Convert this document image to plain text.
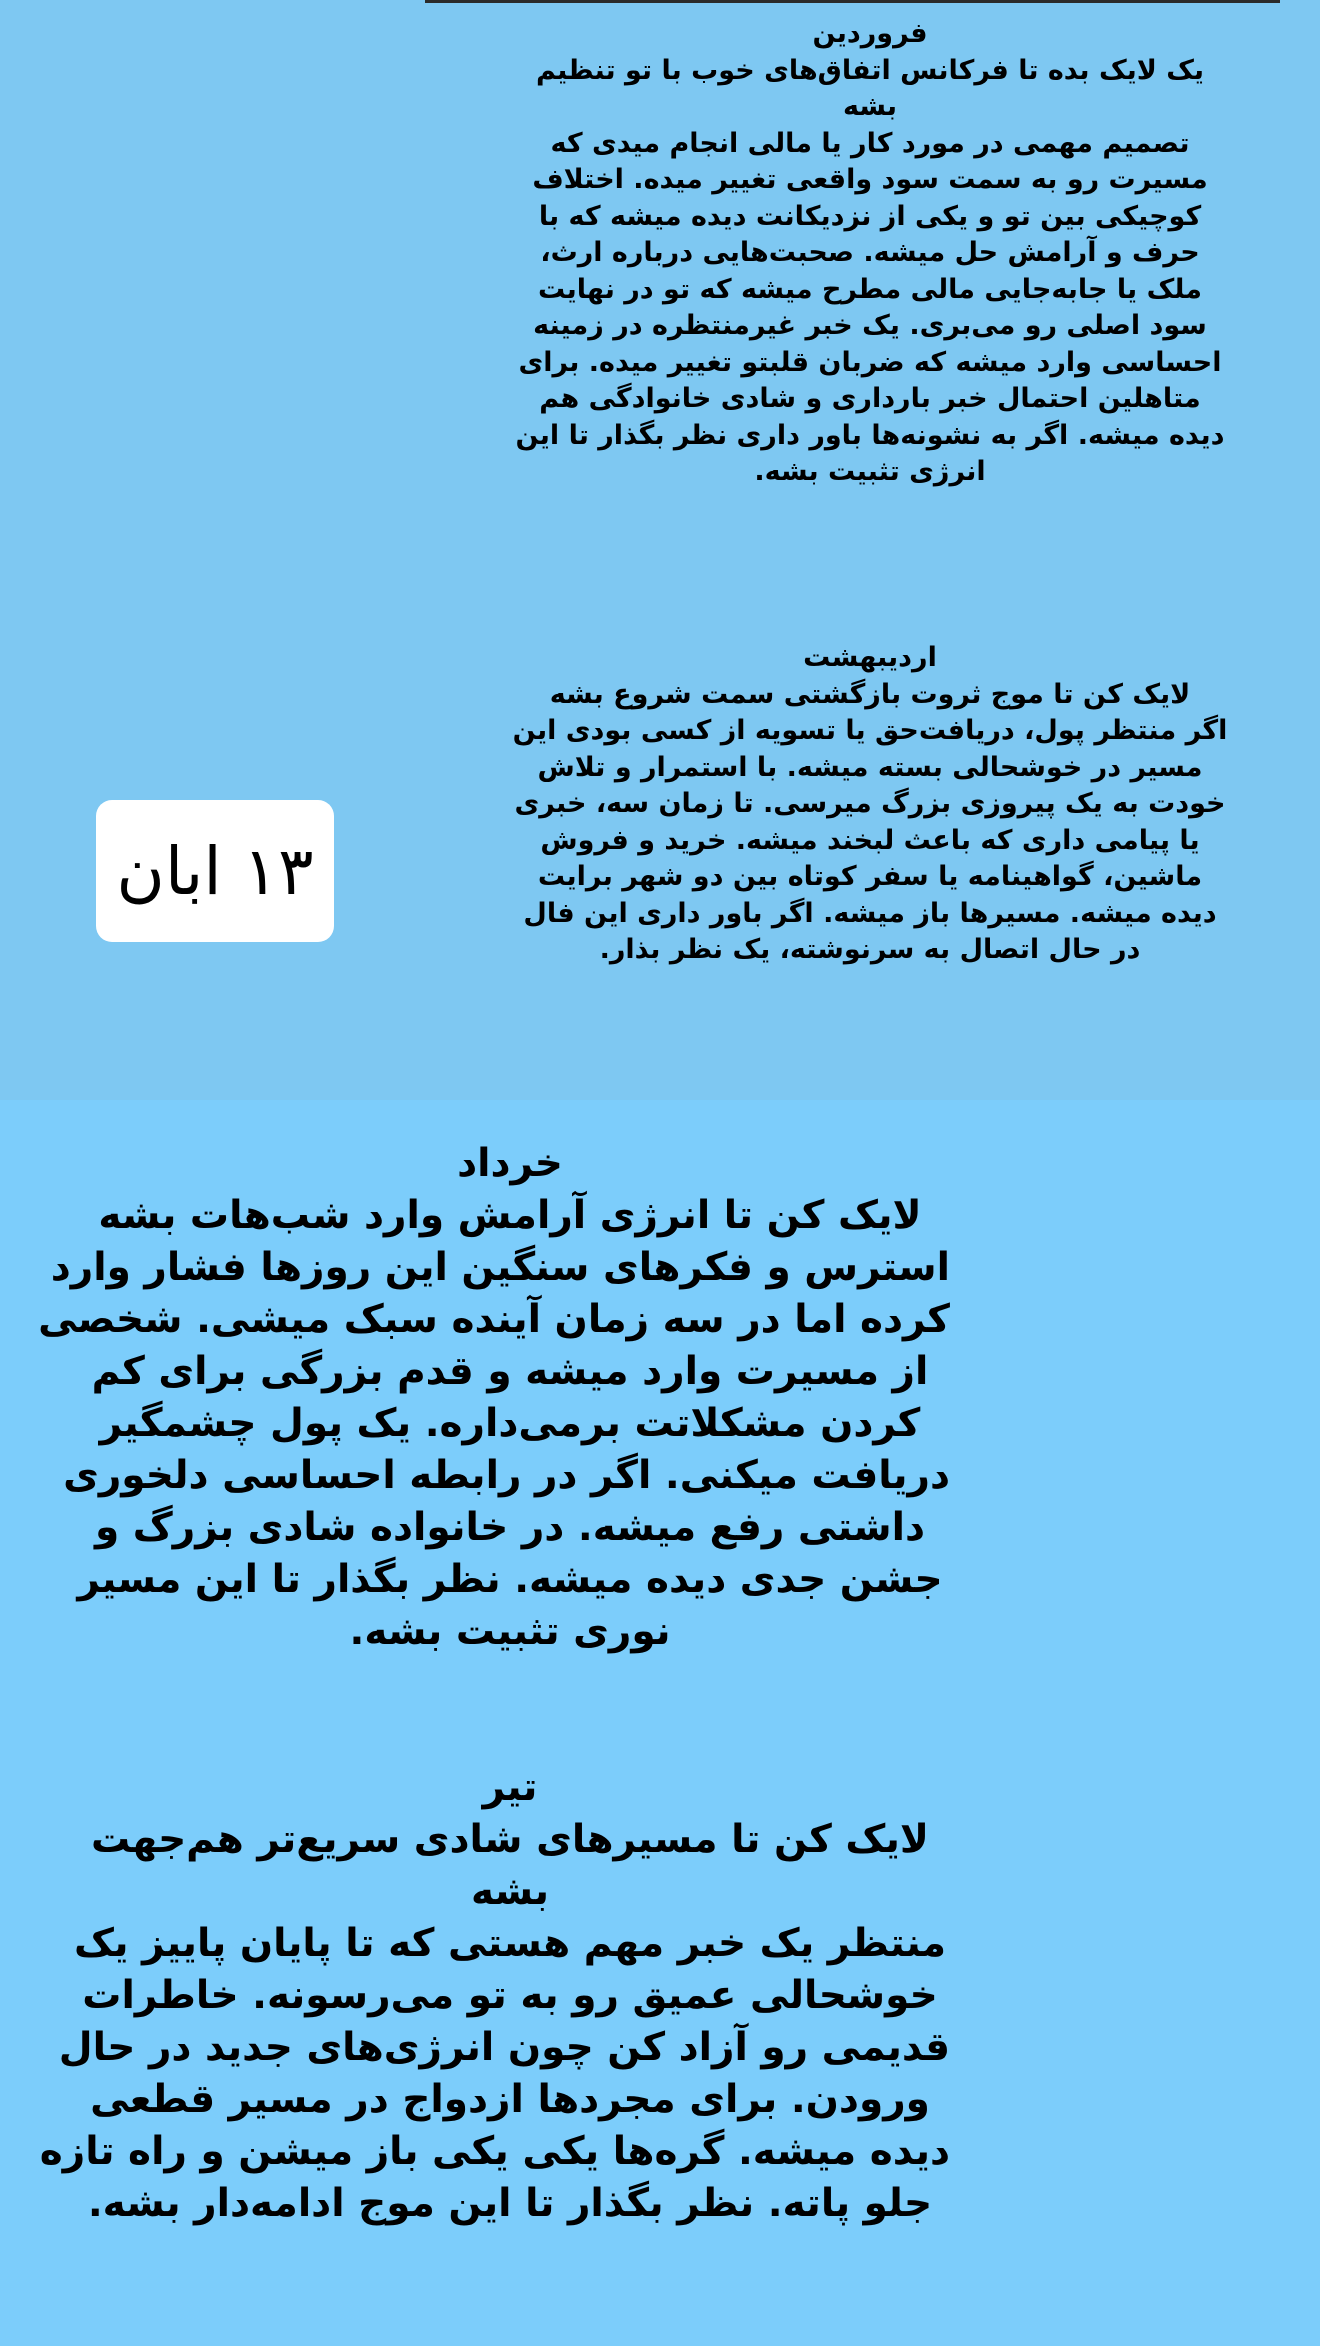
فروردین
یک لایک بده تا فرکانس اتفاق‌های خوب با تو تنظیم
بشه
تصمیم مهمی در مورد کار یا مالی انجام میدی که
مسیرت رو به سمت سود واقعی تغییر میده. اختلاف
کوچیکی بین تو و یکی از نزدیکانت دیده میشه که با
حرف و آرامش حل میشه. صحبت‌هایی درباره ارث،
ملک یا جابه‌جایی مالی مطرح میشه که تو در نهایت
سود اصلی رو می‌بری. یک خبر غیرمنتظره در زمینه
احساسی وارد میشه که ضربان قلبتو تغییر میده. برای
متاهلین احتمال خبر بارداری و شادی خانوادگی هم
دیده میشه. اگر به نشونه‌ها باور داری نظر بگذار تا این
انرژی تثبیت بشه.
اردیبهشت
لایک کن تا موج ثروت بازگشتی سمت شروع بشه
اگر منتظر پول، دریافت‌حق یا تسویه از کسی بودی این
مسیر در خوشحالی بسته میشه. با استمرار و تلاش
خودت به یک پیروزی بزرگ میرسی. تا زمان سه، خبری
یا پیامی داری که باعث لبخند میشه. خرید و فروش
ماشین، گواهینامه یا سفر کوتاه بین دو شهر برایت
دیده میشه. مسیرها باز میشه. اگر باور داری این فال
در حال اتصال به سرنوشته، یک نظر بذار.
۱۳ ابان
خرداد
لایک کن تا انرژی آرامش وارد شب‌هات بشه
استرس و فکرهای سنگین این روزها فشار وارد
کرده اما در سه زمان آینده سبک میشی. شخصی
از مسیرت وارد میشه و قدم بزرگی برای کم
کردن مشکلاتت برمی‌داره. یک پول چشمگیر
دریافت میکنی. اگر در رابطه احساسی دلخوری
داشتی رفع میشه. در خانواده شادی بزرگ و
جشن جدی دیده میشه. نظر بگذار تا این مسیر
نوری تثبیت بشه.
تیر
لایک کن تا مسیرهای شادی سریع‌تر هم‌جهت
بشه
منتظر یک خبر مهم هستی که تا پایان پاییز یک
خوشحالی عمیق رو به تو می‌رسونه. خاطرات
قدیمی رو آزاد کن چون انرژی‌های جدید در حال
ورودن. برای مجردها ازدواج در مسیر قطعی
دیده میشه. گره‌ها یکی یکی باز میشن و راه تازه
جلو پاته. نظر بگذار تا این موج ادامه‌دار بشه.
